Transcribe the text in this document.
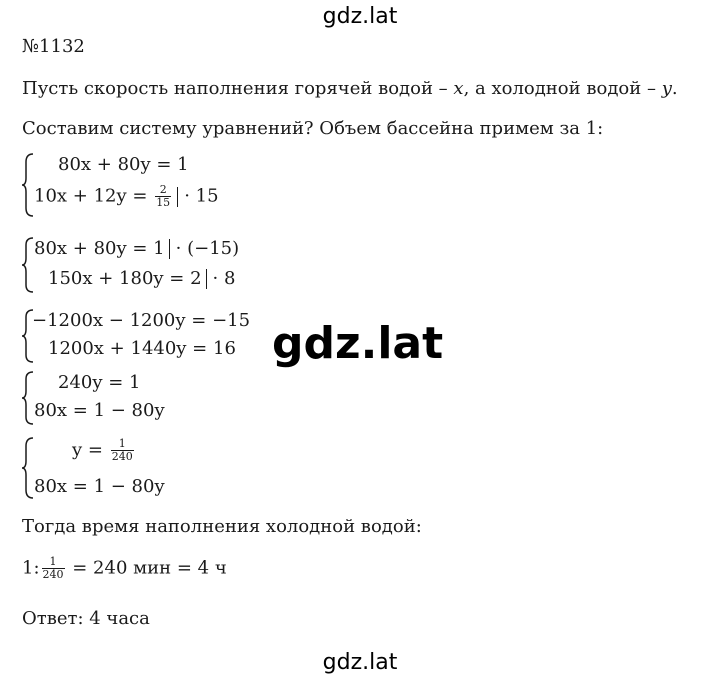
gdz.lat
gdz.lat
№1132
Пусть скорость наполнения горячей водой – x, а холодной водой – y.
Составим систему уравнений? Объем бассейна примем за 1:
80x + 80y = 1
$10x + 12y = \frac{2}{15} \cdot 15$
80x + 80y = 1 · (−15)
150x + 180y = 2 · 8
−1200x − 1200y = −15
1200x + 1440y = 16 gdz.lat
240y = 1
80x = 1 − 80y
$y = \frac{1}{240}$
80x = 1 − 80y
Тогда время наполнения холодной водой:
1: $\frac{1}{240} = 240$ мин = 4 ч
Ответ: 4 часа
